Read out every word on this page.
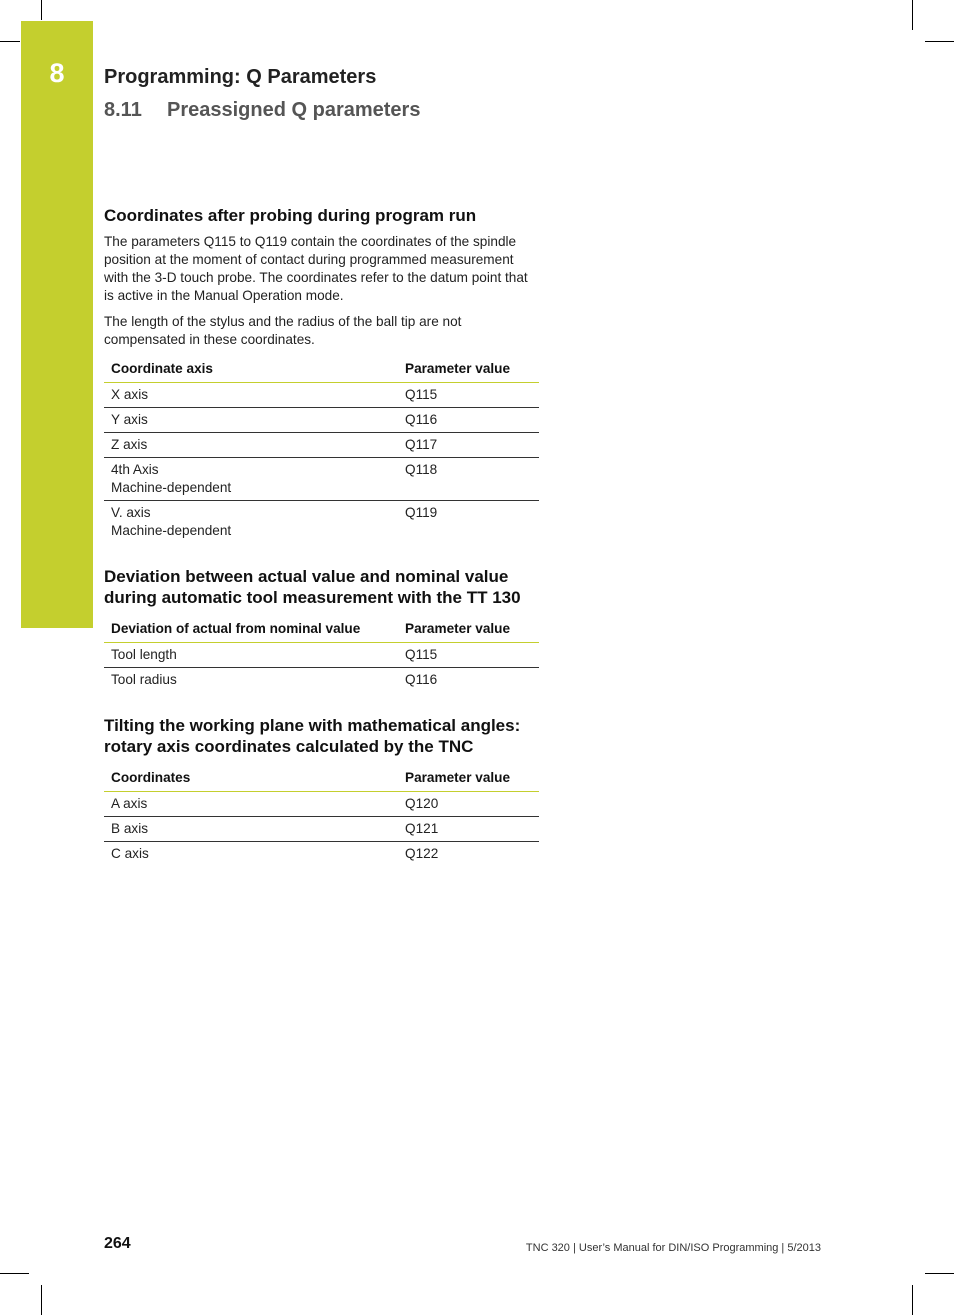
8	Programming: Q Parameters
8.11 Preassigned Q parameters
Coordinates after probing during program run

The parameters Q115 to Q119 contain the coordinates of the spindle position at the moment of contact during programmed measurement with the 3-D touch probe. The coordinates refer to the datum point that is active in the Manual Operation mode.

The length of the stylus and the radius of the ball tip are not compensated in these coordinates.

Coordinate axis	Parameter value
X axis	Q115
Y axis	Q116
Z axis	Q117
4th Axis
Machine-dependent	Q118
V. axis
Machine-dependent	Q119
Deviation between actual value and nominal value
during automatic tool measurement with the TT 130
Deviation of actual from nominal value	Parameter value
Tool length	Q115
Tool radius	Q116
Tilting the working plane with mathematical angles:
rotary axis coordinates calculated by the TNC
Coordinates	Parameter value
A axis	Q120
B axis	Q121
C axis	Q122
264	TNC 320 | User’s Manual for DIN/ISO Programming | 5/2013
